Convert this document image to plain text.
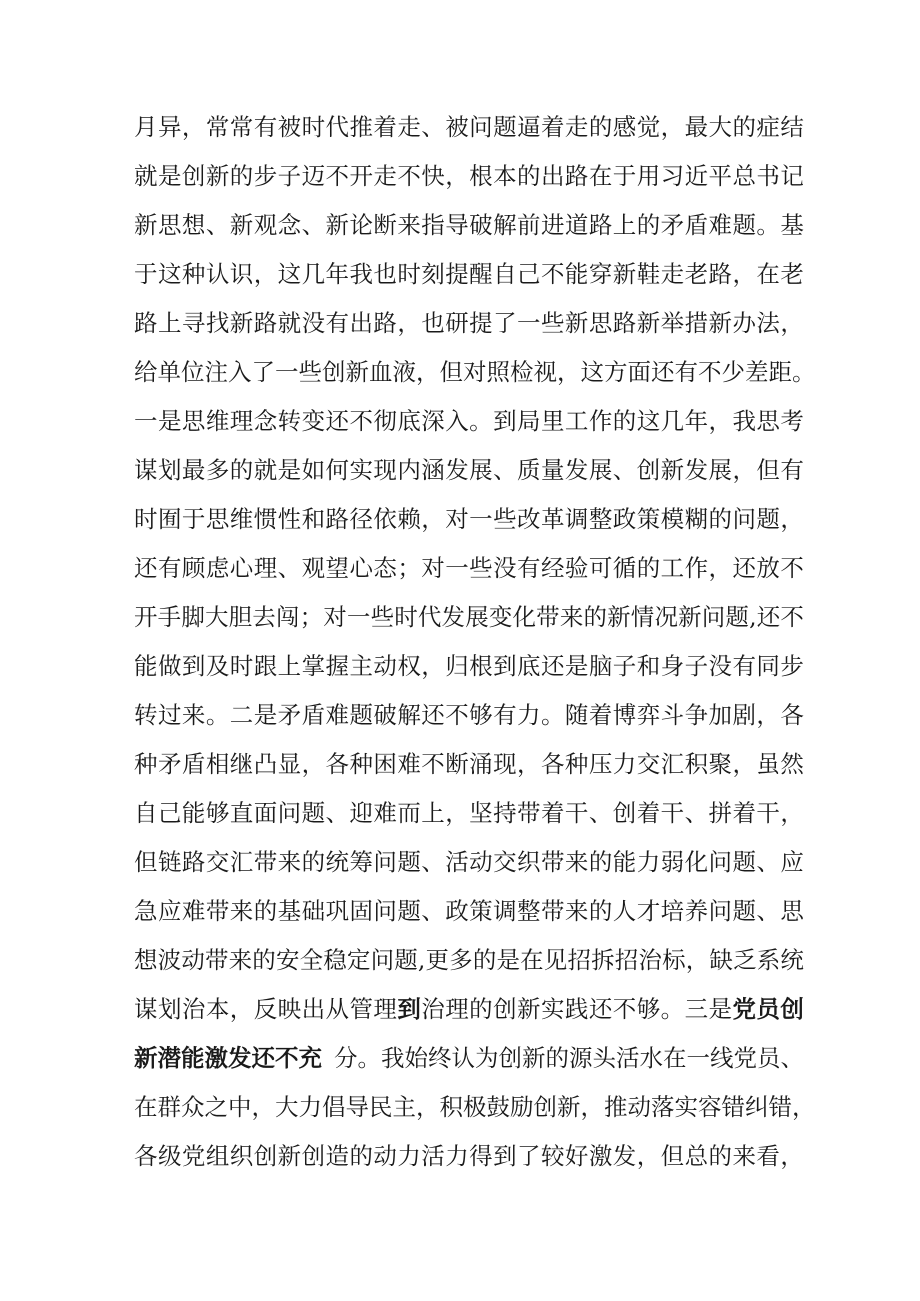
月 异 ， 常 常 有 被 时 代 推 着 走 、 被 问 题 逼 着 走 的 感 觉 ， 最 大 的 症 结
就 是 创 新 的 步 子 迈 不 开 走 不 快 ， 根 本 的 出 路 在 于 用 习 近 平 总 书 记
新 思 想 、 新 观 念 、 新 论 断 来 指 导 破 解 前 进 道 路 上 的 矛 盾 难 题 。 基
于 这 种 认 识 ， 这 几 年 我 也 时 刻 提 醒 自 己 不 能 穿 新 鞋 走 老 路 ， 在 老
路 上 寻 找 新 路 就 没 有 出 路 ， 也 研 提 了 一 些 新 思 路 新 举 措 新 办 法 ，
给 单 位 注 入 了 一 些 创 新 血 液 ， 但 对 照 检 视 ， 这 方 面 还 有 不 少 差 距 。
一 是 思 维 理 念 转 变 还 不 彻 底 深 入 。 到 局 里 工 作 的 这 几 年 ， 我 思 考
谋 划 最 多 的 就 是 如 何 实 现 内 涵 发 展 、 质 量 发 展 、 创 新 发 展 ， 但 有
时 囿 于 思 维 惯 性 和 路 径 依 赖 ， 对 一 些 改 革 调 整 政 策 模 糊 的 问 题 ，
还 有 顾 虑 心 理 、 观 望 心 态 ； 对 一 些 没 有 经 验 可 循 的 工 作 ， 还 放 不
开 手 脚 大 胆 去 闯 ； 对 一 些 时 代 发 展 变 化 带 来 的 新 情 况 新 问 题 , 还 不
能 做 到 及 时 跟 上 掌 握 主 动 权 ， 归 根 到 底 还 是 脑 子 和 身 子 没 有 同 步
转 过 来 。 二 是 矛 盾 难 题 破 解 还 不 够 有 力 。 随 着 博 弈 斗 争 加 剧 ， 各
种 矛 盾 相 继 凸 显 ， 各 种 困 难 不 断 涌 现 ， 各 种 压 力 交 汇 积 聚 ， 虽 然
自 己 能 够 直 面 问 题 、 迎 难 而 上 ， 坚 持 带 着 干 、 创 着 干 、 拼 着 干 ，
但 链 路 交 汇 带 来 的 统 筹 问 题 、 活 动 交 织 带 来 的 能 力 弱 化 问 题 、 应
急 应 难 带 来 的 基 础 巩 固 问 题 、 政 策 调 整 带 来 的 人 才 培 养 问 题 、 思
想 波 动 带 来 的 安 全 稳 定 问 题 , 更 多 的 是 在 见 招 拆 招 治 标 ， 缺 乏 系 统
谋 划 治 本 ， 反 映 出 从 管 理 到 治 理 的 创 新 实 践 还 不 够 。 三 是 党 员 创
新潜能激发还不充 分。我始终认为创新的源头活水在一线党员、
在 群 众 之 中 ， 大 力 倡 导 民 主 ， 积 极 鼓 励 创 新 ， 推 动 落 实 容 错 纠 错 ，
各 级 党 组 织 创 新 创 造 的 动 力 活 力 得 到 了 较 好 激 发 ， 但 总 的 来 看 ，
